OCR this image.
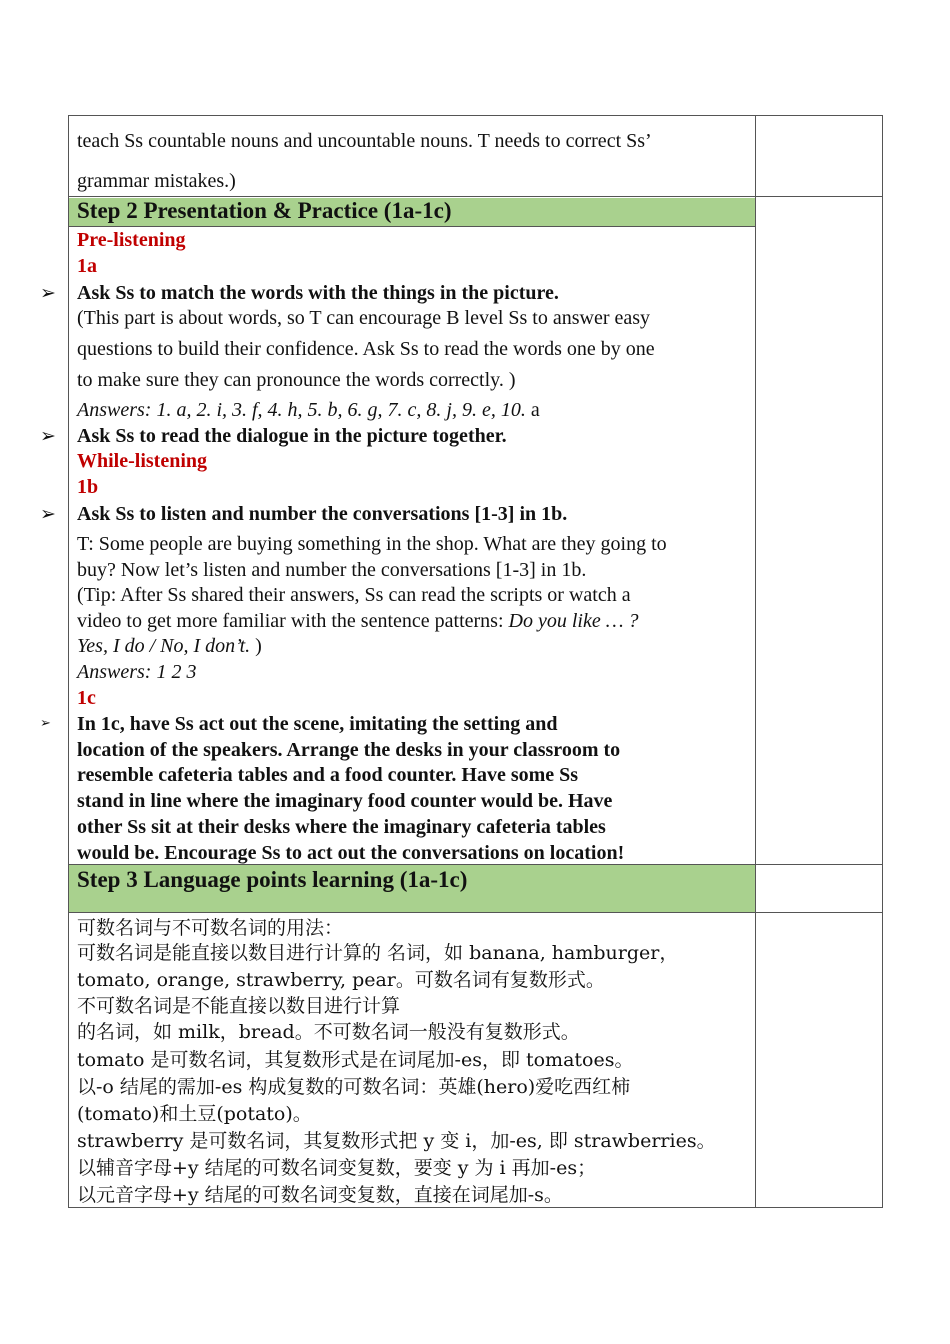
teach Ss countable nouns and uncountable nouns. T needs to correct Ss’
grammar mistakes.)
Step 2 Presentation & Practice (1a-1c)
Pre-listening
1a
Ask Ss to match the words with the things in the picture.
(This part is about words, so T can encourage B level Ss to answer easy
questions to build their confidence. Ask Ss to read the words one by one
to make sure they can pronounce the words correctly. )
Answers: 1. a, 2. i, 3. f, 4. h, 5. b, 6. g, 7. c, 8. j, 9. e, 10. a
Ask Ss to read the dialogue in the picture together.
While-listening
1b
Ask Ss to listen and number the conversations [1-3] in 1b.
T: Some people are buying something in the shop. What are they going to
buy? Now let’s listen and number the conversations [1-3] in 1b.
(Tip: After Ss shared their answers, Ss can read the scripts or watch a
video to get more familiar with the sentence patterns: Do you like … ?
Yes, I do / No, I don’t. )
Answers: 1 2 3
1c
In 1c, have Ss act out the scene, imitating the setting and
location of the speakers. Arrange the desks in your classroom to
resemble cafeteria tables and a food counter. Have some Ss
stand in line where the imaginary food counter would be. Have
other Ss sit at their desks where the imaginary cafeteria tables
would be. Encourage Ss to act out the conversations on location!
Step 3 Language points learning (1a-1c)
可数名词与不可数名词的用法：
可数名词是能直接以数目进行计算的 名词，如 banana, hamburger，
tomato, orange, strawberry, pear。可数名词有复数形式。
不可数名词是不能直接以数目进行计算
的名词，如 milk，bread。不可数名词一般没有复数形式。
tomato 是可数名词，其复数形式是在词尾加-es，即 tomatoes。
以-o 结尾的需加-es 构成复数的可数名词：英雄(hero)爱吃西红柿
(tomato)和土豆(potato)。
strawberry 是可数名词，其复数形式把 y 变 i，加-es, 即 strawberries。
以辅音字母+y 结尾的可数名词变复数，要变 y 为 i 再加-es；
以元音字母+y 结尾的可数名词变复数，直接在词尾加-s。
➢
➢
➢
➢
